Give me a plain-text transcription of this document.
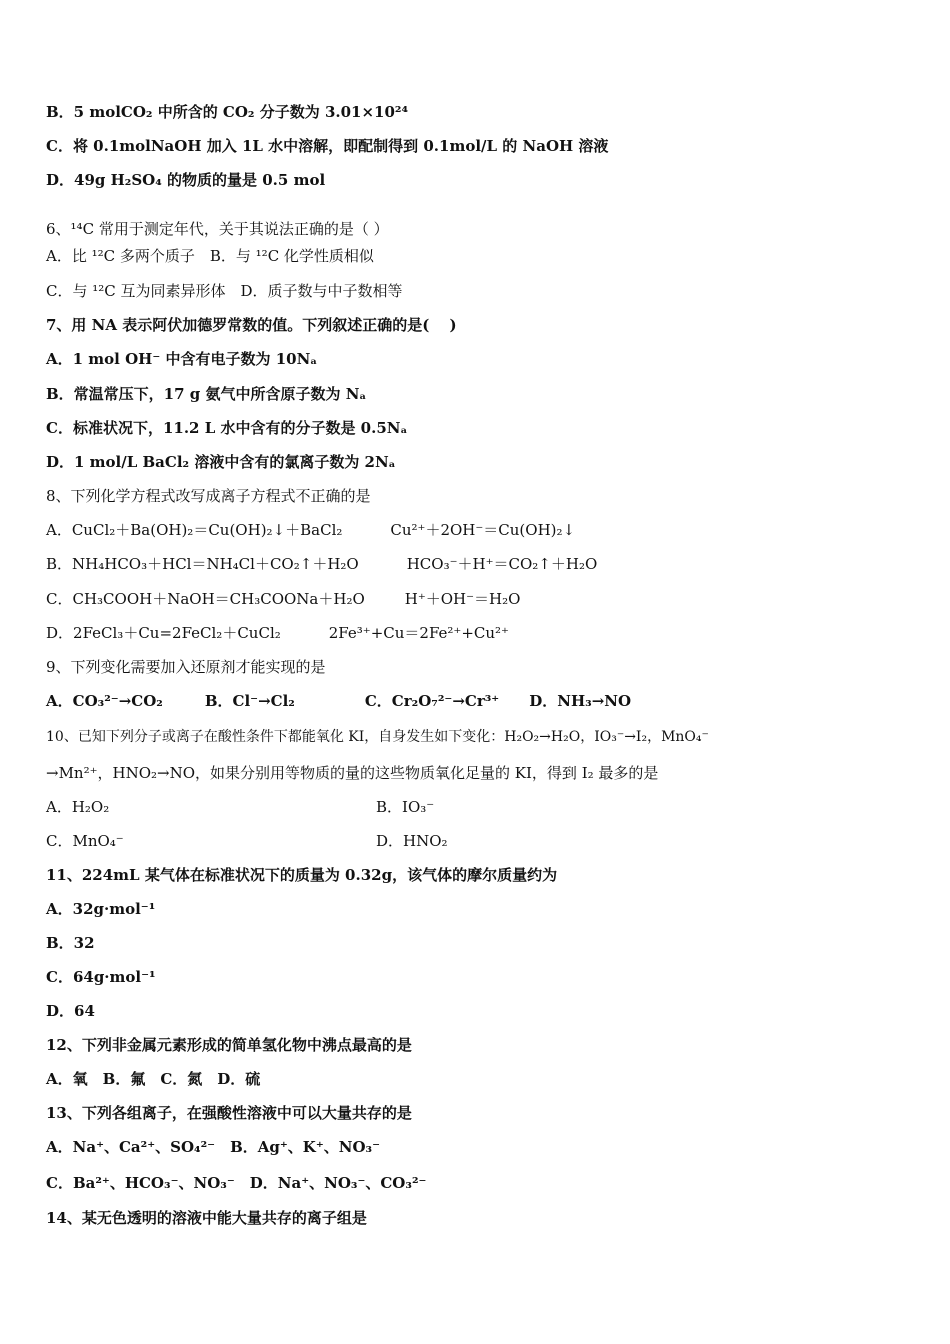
B．5 molCO₂ 中所含的 CO₂ 分子数为 3.01×10²⁴
C．将 0.1molNaOH 加入 1L 水中溶解，即配制得到 0.1mol/L 的 NaOH 溶液
D．49g H₂SO₄ 的物质的量是 0.5 mol
6、¹⁴C 常用于测定年代，关于其说法正确的是（ ）
A．比 ¹²C 多两个质子　B．与 ¹²C 化学性质相似
C．与 ¹²C 互为同素异形体　D．质子数与中子数相等
7、用 NA 表示阿伏加德罗常数的值。下列叙述正确的是(　 )
A．1 mol OH⁻ 中含有电子数为 10Nₐ
B．常温常压下，17 g 氨气中所含原子数为 Nₐ
C．标准状况下，11.2 L 水中含有的分子数是 0.5Nₐ
D．1 mol/L BaCl₂ 溶液中含有的氯离子数为 2Nₐ
8、下列化学方程式改写成离子方程式不正确的是
A．CuCl₂＋Ba(OH)₂＝Cu(OH)₂↓＋BaCl₂	Cu²⁺＋2OH⁻＝Cu(OH)₂↓
B．NH₄HCO₃＋HCl＝NH₄Cl＋CO₂↑＋H₂O	HCO₃⁻＋H⁺＝CO₂↑＋H₂O
C．CH₃COOH＋NaOH＝CH₃COONa＋H₂O	H⁺＋OH⁻＝H₂O
D．2FeCl₃＋Cu=2FeCl₂＋CuCl₂	2Fe³⁺+Cu＝2Fe²⁺+Cu²⁺
9、下列变化需要加入还原剂才能实现的是
A．CO₃²⁻→CO₂	B．Cl⁻→Cl₂	C．Cr₂O₇²⁻→Cr³⁺ D．NH₃→NO
10、已知下列分子或离子在酸性条件下都能氧化 KI，自身发生如下变化：H₂O₂→H₂O，IO₃⁻→I₂，MnO₄⁻
→Mn²⁺，HNO₂→NO，如果分别用等物质的量的这些物质氧化足量的 KI，得到 I₂ 最多的是
A．H₂O₂	B．IO₃⁻
C．MnO₄⁻	D．HNO₂
11、224mL 某气体在标准状况下的质量为 0.32g，该气体的摩尔质量约为
A．32g·mol⁻¹
B．32
C．64g·mol⁻¹
D．64
12、下列非金属元素形成的简单氢化物中沸点最高的是
A．氧　B．氟　C．氮　D．硫
13、下列各组离子，在强酸性溶液中可以大量共存的是
A．Na⁺、Ca²⁺、SO₄²⁻　B．Ag⁺、K⁺、NO₃⁻
C．Ba²⁺、HCO₃⁻、NO₃⁻　D．Na⁺、NO₃⁻、CO₃²⁻
14、某无色透明的溶液中能大量共存的离子组是
